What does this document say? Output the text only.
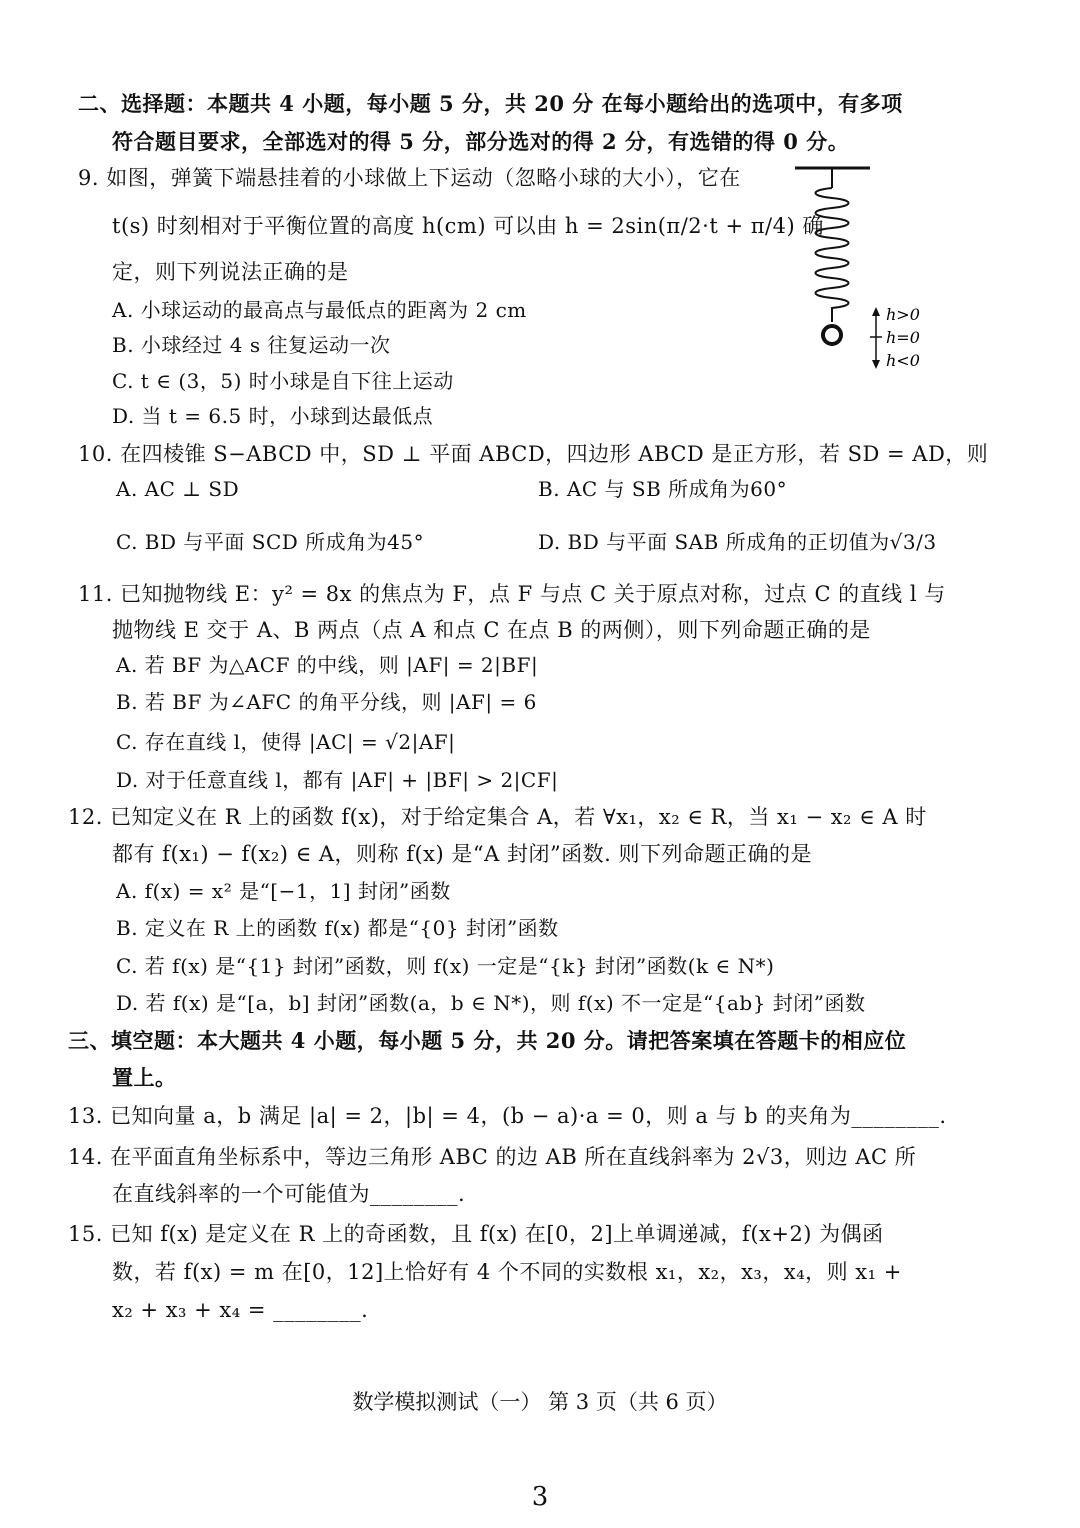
二、选择题：本题共 4 小题，每小题 5 分，共 20 分 在每小题给出的选项中，有多项
符合题目要求，全部选对的得 5 分，部分选对的得 2 分，有选错的得 0 分。
9. 如图，弹簧下端悬挂着的小球做上下运动（忽略小球的大小），它在
t(s) 时刻相对于平衡位置的高度 h(cm) 可以由 h = 2sin(π/2·t + π/4) 确
定，则下列说法正确的是
A. 小球运动的最高点与最低点的距离为 2 cm
B. 小球经过 4 s 往复运动一次
C. t ∈ (3，5) 时小球是自下往上运动
D. 当 t = 6.5 时，小球到达最低点
h>0
h=0
h<0
10. 在四棱锥 S−ABCD 中，SD ⊥ 平面 ABCD，四边形 ABCD 是正方形，若 SD = AD，则
A. AC ⊥ SD	B. AC 与 SB 所成角为60°
C. BD 与平面 SCD 所成角为45°	D. BD 与平面 SAB 所成角的正切值为√3/3
11. 已知抛物线 E：y² = 8x 的焦点为 F，点 F 与点 C 关于原点对称，过点 C 的直线 l 与
抛物线 E 交于 A、B 两点（点 A 和点 C 在点 B 的两侧），则下列命题正确的是
A. 若 BF 为△ACF 的中线，则 |AF| = 2|BF|
B. 若 BF 为∠AFC 的角平分线，则 |AF| = 6
C. 存在直线 l，使得 |AC| = √2|AF|
D. 对于任意直线 l，都有 |AF| + |BF| > 2|CF|
12. 已知定义在 R 上的函数 f(x)，对于给定集合 A，若 ∀x₁，x₂ ∈ R，当 x₁ − x₂ ∈ A 时
都有 f(x₁) − f(x₂) ∈ A，则称 f(x) 是“A 封闭”函数. 则下列命题正确的是
A. f(x) = x² 是“[−1，1] 封闭”函数
B. 定义在 R 上的函数 f(x) 都是“{0} 封闭”函数
C. 若 f(x) 是“{1} 封闭”函数，则 f(x) 一定是“{k} 封闭”函数(k ∈ N*)
D. 若 f(x) 是“[a，b] 封闭”函数(a，b ∈ N*)，则 f(x) 不一定是“{ab} 封闭”函数
三、填空题：本大题共 4 小题，每小题 5 分，共 20 分。请把答案填在答题卡的相应位
置上。
13. 已知向量 a，b 满足 |a| = 2，|b| = 4，(b − a)·a = 0，则 a 与 b 的夹角为________.
14. 在平面直角坐标系中，等边三角形 ABC 的边 AB 所在直线斜率为 2√3，则边 AC 所
在直线斜率的一个可能值为________.
15. 已知 f(x) 是定义在 R 上的奇函数，且 f(x) 在[0，2]上单调递减，f(x+2) 为偶函
数，若 f(x) = m 在[0，12]上恰好有 4 个不同的实数根 x₁，x₂，x₃，x₄，则 x₁ +
x₂ + x₃ + x₄ = ________.
数学模拟测试（一） 第 3 页（共 6 页）
3
